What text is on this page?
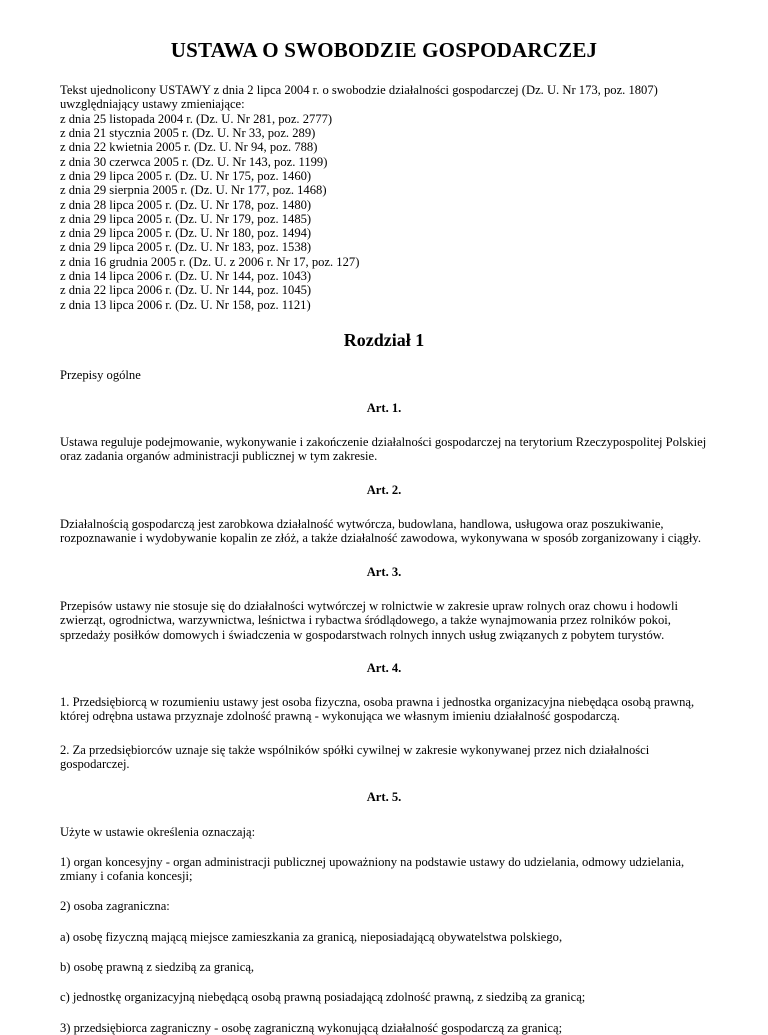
USTAWA O SWOBODZIE GOSPODARCZEJ
Tekst ujednolicony USTAWY z dnia 2 lipca 2004 r. o swobodzie działalności gospodarczej (Dz. U. Nr 173, poz. 1807)
uwzględniający ustawy zmieniające:
z dnia 25 listopada 2004 r. (Dz. U. Nr 281, poz. 2777)
z dnia 21 stycznia 2005 r. (Dz. U. Nr 33, poz. 289)
z dnia 22 kwietnia 2005 r. (Dz. U. Nr 94, poz. 788)
z dnia 30 czerwca 2005 r. (Dz. U. Nr 143, poz. 1199)
z dnia 29 lipca 2005 r. (Dz. U. Nr 175, poz. 1460)
z dnia 29 sierpnia 2005 r. (Dz. U. Nr 177, poz. 1468)
z dnia 28 lipca 2005 r. (Dz. U. Nr 178, poz. 1480)
z dnia 29 lipca 2005 r. (Dz. U. Nr 179, poz. 1485)
z dnia 29 lipca 2005 r. (Dz. U. Nr 180, poz. 1494)
z dnia 29 lipca 2005 r. (Dz. U. Nr 183, poz. 1538)
z dnia 16 grudnia 2005 r. (Dz. U. z 2006 r. Nr 17, poz. 127)
z dnia 14 lipca 2006 r. (Dz. U. Nr 144, poz. 1043)
z dnia 22 lipca 2006 r. (Dz. U. Nr 144, poz. 1045)
z dnia 13 lipca 2006 r. (Dz. U. Nr 158, poz. 1121)
Rozdział 1
Przepisy ogólne
Art. 1.

Ustawa reguluje podejmowanie, wykonywanie i zakończenie działalności gospodarczej na terytorium Rzeczypospolitej Polskiej oraz zadania organów administracji publicznej w tym zakresie.

Art. 2.

Działalnością gospodarczą jest zarobkowa działalność wytwórcza, budowlana, handlowa, usługowa oraz poszukiwanie, rozpoznawanie i wydobywanie kopalin ze złóż, a także działalność zawodowa, wykonywana w sposób zorganizowany i ciągły.

Art. 3.

Przepisów ustawy nie stosuje się do działalności wytwórczej w rolnictwie w zakresie upraw rolnych oraz chowu i hodowli zwierząt, ogrodnictwa, warzywnictwa, leśnictwa i rybactwa śródlądowego, a także wynajmowania przez rolników pokoi, sprzedaży posiłków domowych i świadczenia w gospodarstwach rolnych innych usług związanych z pobytem turystów.

Art. 4.

1. Przedsiębiorcą w rozumieniu ustawy jest osoba fizyczna, osoba prawna i jednostka organizacyjna niebędąca osobą prawną, której odrębna ustawa przyznaje zdolność prawną - wykonująca we własnym imieniu działalność gospodarczą.

2. Za przedsiębiorców uznaje się także wspólników spółki cywilnej w zakresie wykonywanej przez nich działalności gospodarczej.

Art. 5.

Użyte w ustawie określenia oznaczają:

1) organ koncesyjny - organ administracji publicznej upoważniony na podstawie ustawy do udzielania, odmowy udzielania, zmiany i cofania koncesji;

2) osoba zagraniczna:

a) osobę fizyczną mającą miejsce zamieszkania za granicą, nieposiadającą obywatelstwa polskiego,

b) osobę prawną z siedzibą za granicą,

c) jednostkę organizacyjną niebędącą osobą prawną posiadającą zdolność prawną, z siedzibą za granicą;

3) przedsiębiorca zagraniczny - osobę zagraniczną wykonującą działalność gospodarczą za granicą;
